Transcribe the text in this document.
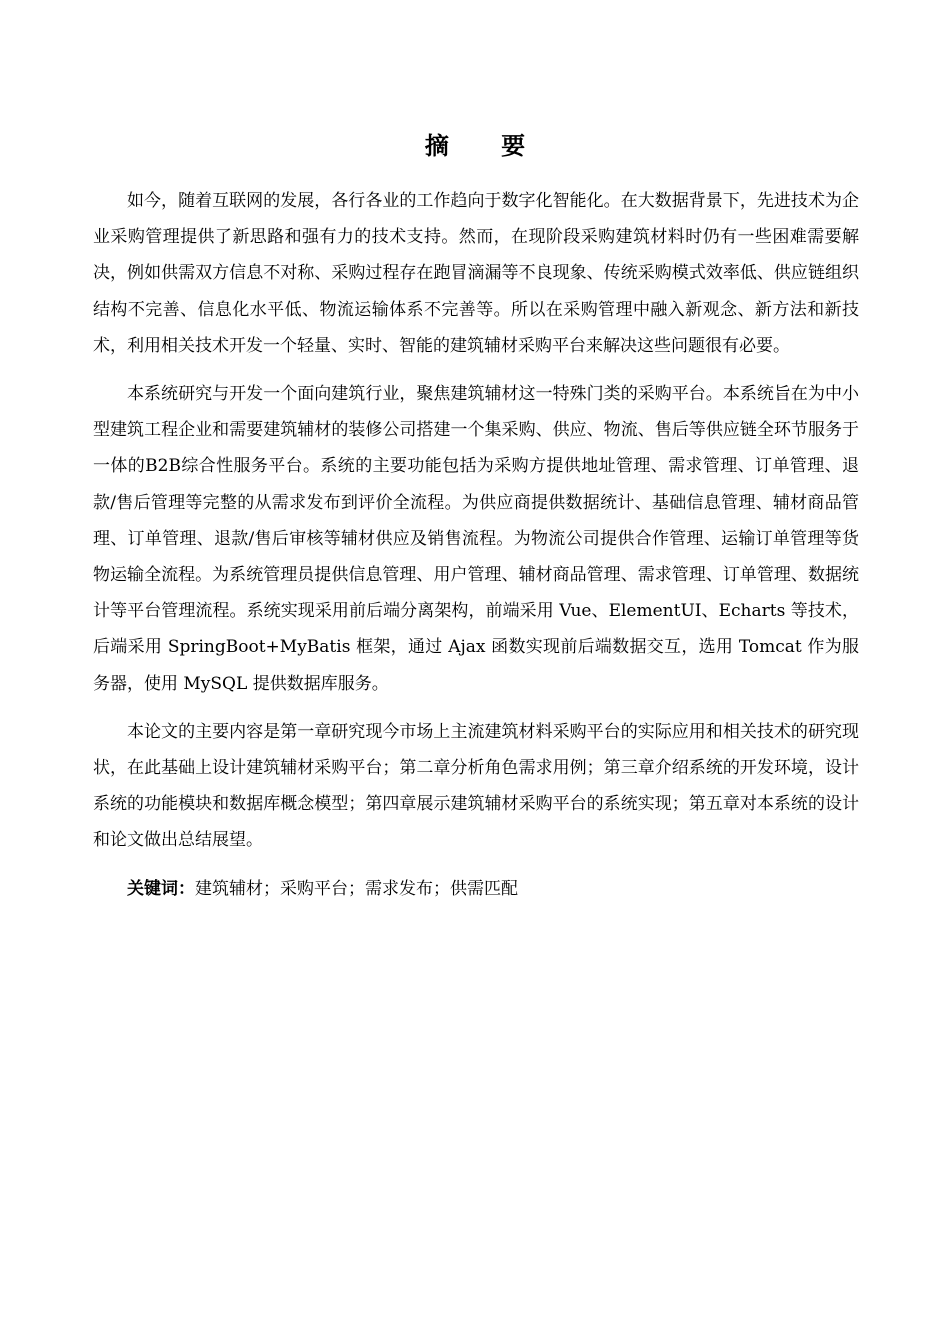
摘 要

如今，随着互联网的发展，各行各业的工作趋向于数字化智能化。在大数据背景下，先进技术为企业采购管理提供了新思路和强有力的技术支持。然而，在现阶段采购建筑材料时仍有一些困难需要解决，例如供需双方信息不对称、采购过程存在跑冒滴漏等不良现象、传统采购模式效率低、供应链组织结构不完善、信息化水平低、物流运输体系不完善等。所以在采购管理中融入新观念、新方法和新技术，利用相关技术开发一个轻量、实时、智能的建筑辅材采购平台来解决这些问题很有必要。

本系统研究与开发一个面向建筑行业，聚焦建筑辅材这一特殊门类的采购平台。本系统旨在为中小型建筑工程企业和需要建筑辅材的装修公司搭建一个集采购、供应、物流、售后等供应链全环节服务于一体的B2B综合性服务平台。系统的主要功能包括为采购方提供地址管理、需求管理、订单管理、退款/售后管理等完整的从需求发布到评价全流程。为供应商提供数据统计、基础信息管理、辅材商品管理、订单管理、退款/售后审核等辅材供应及销售流程。为物流公司提供合作管理、运输订单管理等货物运输全流程。为系统管理员提供信息管理、用户管理、辅材商品管理、需求管理、订单管理、数据统计等平台管理流程。系统实现采用前后端分离架构，前端采用 Vue、ElementUI、Echarts 等技术，后端采用 SpringBoot+MyBatis 框架，通过 Ajax 函数实现前后端数据交互，选用 Tomcat 作为服务器，使用 MySQL 提供数据库服务。

本论文的主要内容是第一章研究现今市场上主流建筑材料采购平台的实际应用和相关技术的研究现状，在此基础上设计建筑辅材采购平台；第二章分析角色需求用例；第三章介绍系统的开发环境，设计系统的功能模块和数据库概念模型；第四章展示建筑辅材采购平台的系统实现；第五章对本系统的设计和论文做出总结展望。

关键词：建筑辅材；采购平台；需求发布；供需匹配
